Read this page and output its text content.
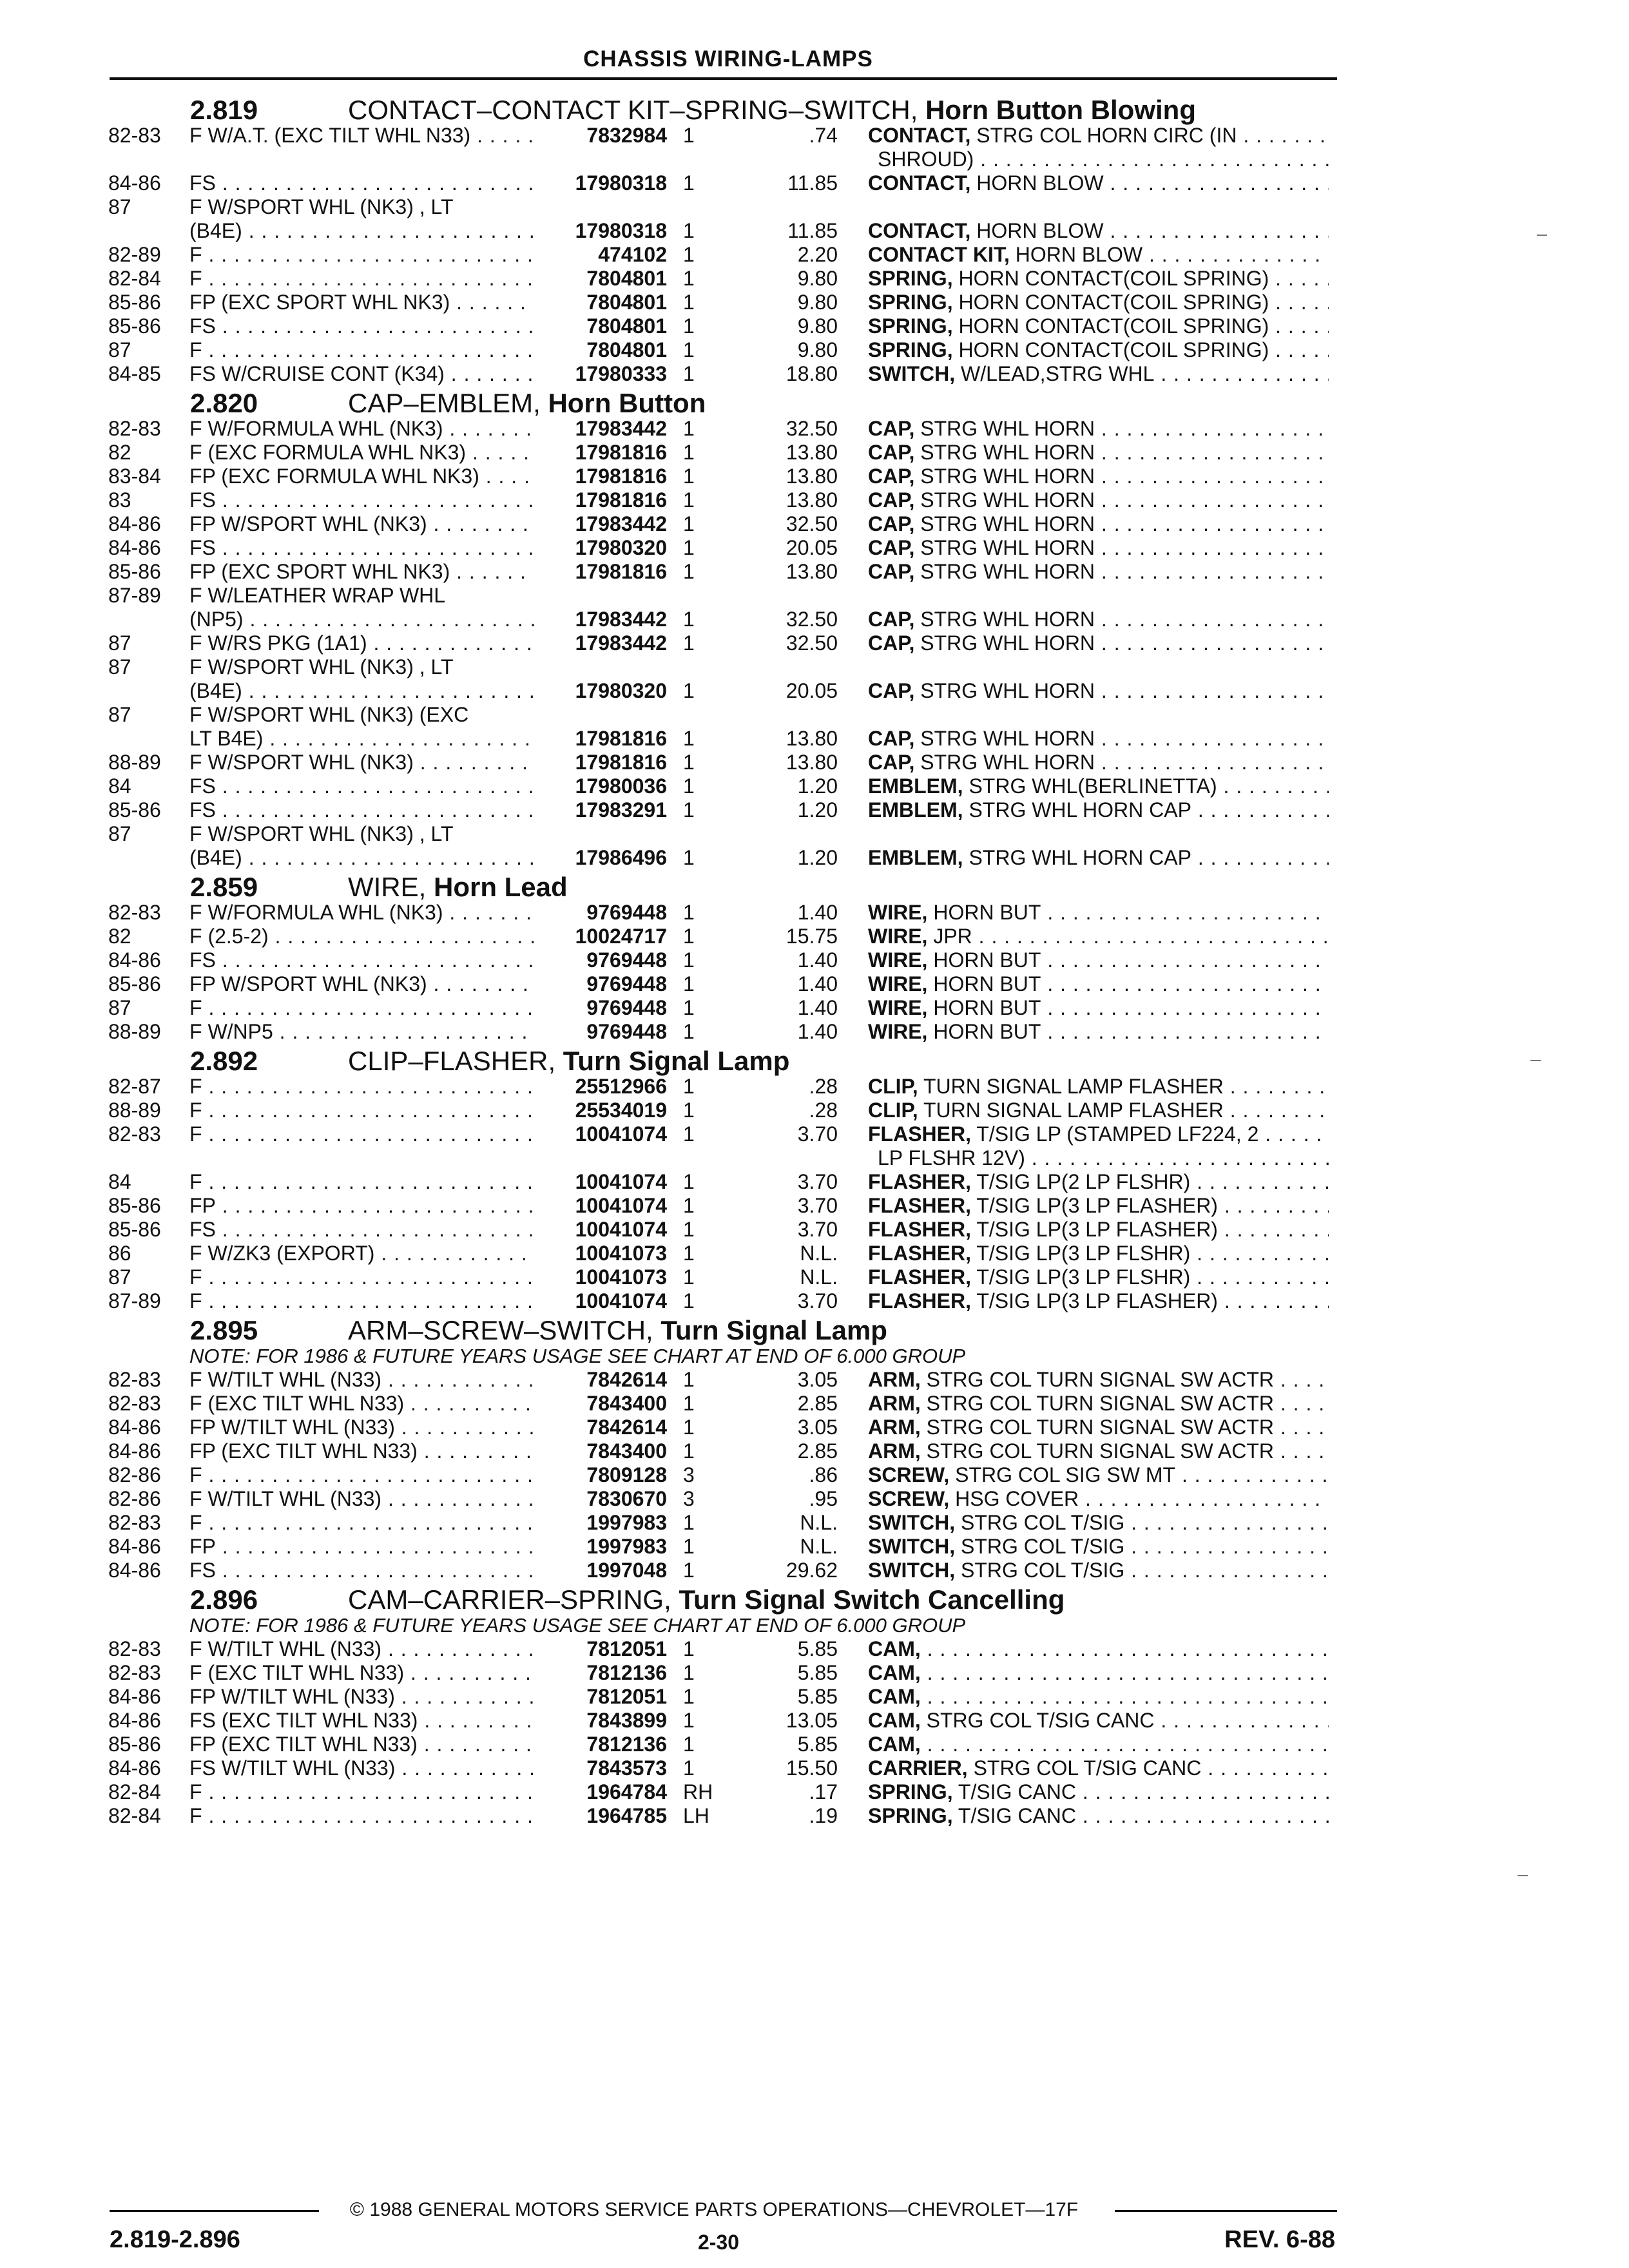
CHASSIS WIRING-LAMPS
2.819	CONTACT–CONTACT KIT–SPRING–SWITCH, Horn Button Blowing
82-83 F W/A.T. (EXC TILT WHL N33) . . .	7832984 1	.74 CONTACT, STRG COL HORN CIRC (IN . . .
SHROUD) . . .
84-86 FS . . .	17980318 1	11.85 CONTACT, HORN BLOW . . .
87	F W/SPORT WHL (NK3) , LT
(B4E) . . .	17980318 1	11.85 CONTACT, HORN BLOW . . .
82-89 F . . .	474102 1	2.20 CONTACT KIT, HORN BLOW . . .
82-84 F . . .	7804801 1	9.80 SPRING, HORN CONTACT(COIL SPRING) . . .
85-86 FP (EXC SPORT WHL NK3) . . .	7804801 1	9.80 SPRING, HORN CONTACT(COIL SPRING) . . .
85-86 FS . . .	7804801 1	9.80 SPRING, HORN CONTACT(COIL SPRING) . . .
87	F . . .	7804801 1	9.80 SPRING, HORN CONTACT(COIL SPRING) . . .
84-85 FS W/CRUISE CONT (K34) . . .	17980333 1	18.80 SWITCH, W/LEAD,STRG WHL . . .
2.820	CAP–EMBLEM, Horn Button
82-83 F W/FORMULA WHL (NK3) . . .	17983442 1	32.50 CAP, STRG WHL HORN . . .
82	F (EXC FORMULA WHL NK3) . . .	17981816 1	13.80 CAP, STRG WHL HORN . . .
83-84 FP (EXC FORMULA WHL NK3) . . .	17981816 1	13.80 CAP, STRG WHL HORN . . .
83	FS . . .	17981816 1	13.80 CAP, STRG WHL HORN . . .
84-86 FP W/SPORT WHL (NK3) . . .	17983442 1	32.50 CAP, STRG WHL HORN . . .
84-86 FS . . .	17980320 1	20.05 CAP, STRG WHL HORN . . .
85-86 FP (EXC SPORT WHL NK3) . . .	17981816 1	13.80 CAP, STRG WHL HORN . . .
87-89 F W/LEATHER WRAP WHL
(NP5) . . .	17983442 1	32.50 CAP, STRG WHL HORN . . .
87	F W/RS PKG (1A1) . . .	17983442 1	32.50 CAP, STRG WHL HORN . . .
87	F W/SPORT WHL (NK3) , LT
(B4E) . . .	17980320 1	20.05 CAP, STRG WHL HORN . . .
87	F W/SPORT WHL (NK3) (EXC
LT B4E) . . .	17981816 1	13.80 CAP, STRG WHL HORN . . .
88-89 F W/SPORT WHL (NK3) . . .	17981816 1	13.80 CAP, STRG WHL HORN . . .
84	FS . . .	17980036 1	1.20 EMBLEM, STRG WHL(BERLINETTA) . . .
85-86 FS . . .	17983291 1	1.20 EMBLEM, STRG WHL HORN CAP . . .
87	F W/SPORT WHL (NK3) , LT
(B4E) . . .	17986496 1	1.20 EMBLEM, STRG WHL HORN CAP . . .
2.859	WIRE, Horn Lead
82-83 F W/FORMULA WHL (NK3) . . .	9769448 1	1.40 WIRE, HORN BUT . . .
82	F (2.5-2) . . .	10024717 1	15.75 WIRE, JPR . . .
84-86 FS . . .	9769448 1	1.40 WIRE, HORN BUT . . .
85-86 FP W/SPORT WHL (NK3) . . .	9769448 1	1.40 WIRE, HORN BUT . . .
87	F . . .	9769448 1	1.40 WIRE, HORN BUT . . .
88-89 F W/NP5 . . .	9769448 1	1.40 WIRE, HORN BUT . . .
2.892	CLIP–FLASHER, Turn Signal Lamp
82-87 F . . .	25512966 1	.28 CLIP, TURN SIGNAL LAMP FLASHER . . .
88-89 F . . .	25534019 1	.28 CLIP, TURN SIGNAL LAMP FLASHER . . .
82-83 F . . .	10041074 1	3.70 FLASHER, T/SIG LP (STAMPED LF224, 2 . . .
LP FLSHR 12V) . . .
84	F . . .	10041074 1	3.70 FLASHER, T/SIG LP(2 LP FLSHR) . . .
85-86 FP . . .	10041074 1	3.70 FLASHER, T/SIG LP(3 LP FLASHER) . . .
85-86 FS . . .	10041074 1	3.70 FLASHER, T/SIG LP(3 LP FLASHER) . . .
86	F W/ZK3 (EXPORT) . . .	10041073 1	N.L. FLASHER, T/SIG LP(3 LP FLSHR) . . .
87	F . . .	10041073 1	N.L. FLASHER, T/SIG LP(3 LP FLSHR) . . .
87-89 F . . .	10041074 1	3.70 FLASHER, T/SIG LP(3 LP FLASHER) . . .
2.895	ARM–SCREW–SWITCH, Turn Signal Lamp
NOTE: FOR 1986 & FUTURE YEARS USAGE SEE CHART AT END OF 6.000 GROUP
82-83 F W/TILT WHL (N33) . . .	7842614 1	3.05 ARM, STRG COL TURN SIGNAL SW ACTR . . .
82-83 F (EXC TILT WHL N33) . . .	7843400 1	2.85 ARM, STRG COL TURN SIGNAL SW ACTR . . .
84-86 FP W/TILT WHL (N33) . . .	7842614 1	3.05 ARM, STRG COL TURN SIGNAL SW ACTR . . .
84-86 FP (EXC TILT WHL N33) . . .	7843400 1	2.85 ARM, STRG COL TURN SIGNAL SW ACTR . . .
82-86 F . . .	7809128 3	.86 SCREW, STRG COL SIG SW MT . . .
82-86 F W/TILT WHL (N33) . . .	7830670 3	.95 SCREW, HSG COVER . . .
82-83 F . . .	1997983 1	N.L. SWITCH, STRG COL T/SIG . . .
84-86 FP . . .	1997983 1	N.L. SWITCH, STRG COL T/SIG . . .
84-86 FS . . .	1997048 1	29.62 SWITCH, STRG COL T/SIG . . .
2.896	CAM–CARRIER–SPRING, Turn Signal Switch Cancelling
NOTE: FOR 1986 & FUTURE YEARS USAGE SEE CHART AT END OF 6.000 GROUP
82-83 F W/TILT WHL (N33) . . .	7812051 1	5.85 CAM, . . .
82-83 F (EXC TILT WHL N33) . . .	7812136 1	5.85 CAM, . . .
84-86 FP W/TILT WHL (N33) . . .	7812051 1	5.85 CAM, . . .
84-86 FS (EXC TILT WHL N33) . . .	7843899 1	13.05 CAM, STRG COL T/SIG CANC . . .
85-86 FP (EXC TILT WHL N33) . . .	7812136 1	5.85 CAM, . . .
84-86 FS W/TILT WHL (N33) . . .	7843573 1	15.50 CARRIER, STRG COL T/SIG CANC . . .
82-84 F . . .	1964784 RH	.17 SPRING, T/SIG CANC . . .
82-84 F . . .	1964785 LH	.19 SPRING, T/SIG CANC . . .
© 1988 GENERAL MOTORS SERVICE PARTS OPERATIONS—CHEVROLET—17F
2.819-2.896	2-30	REV. 6-88
